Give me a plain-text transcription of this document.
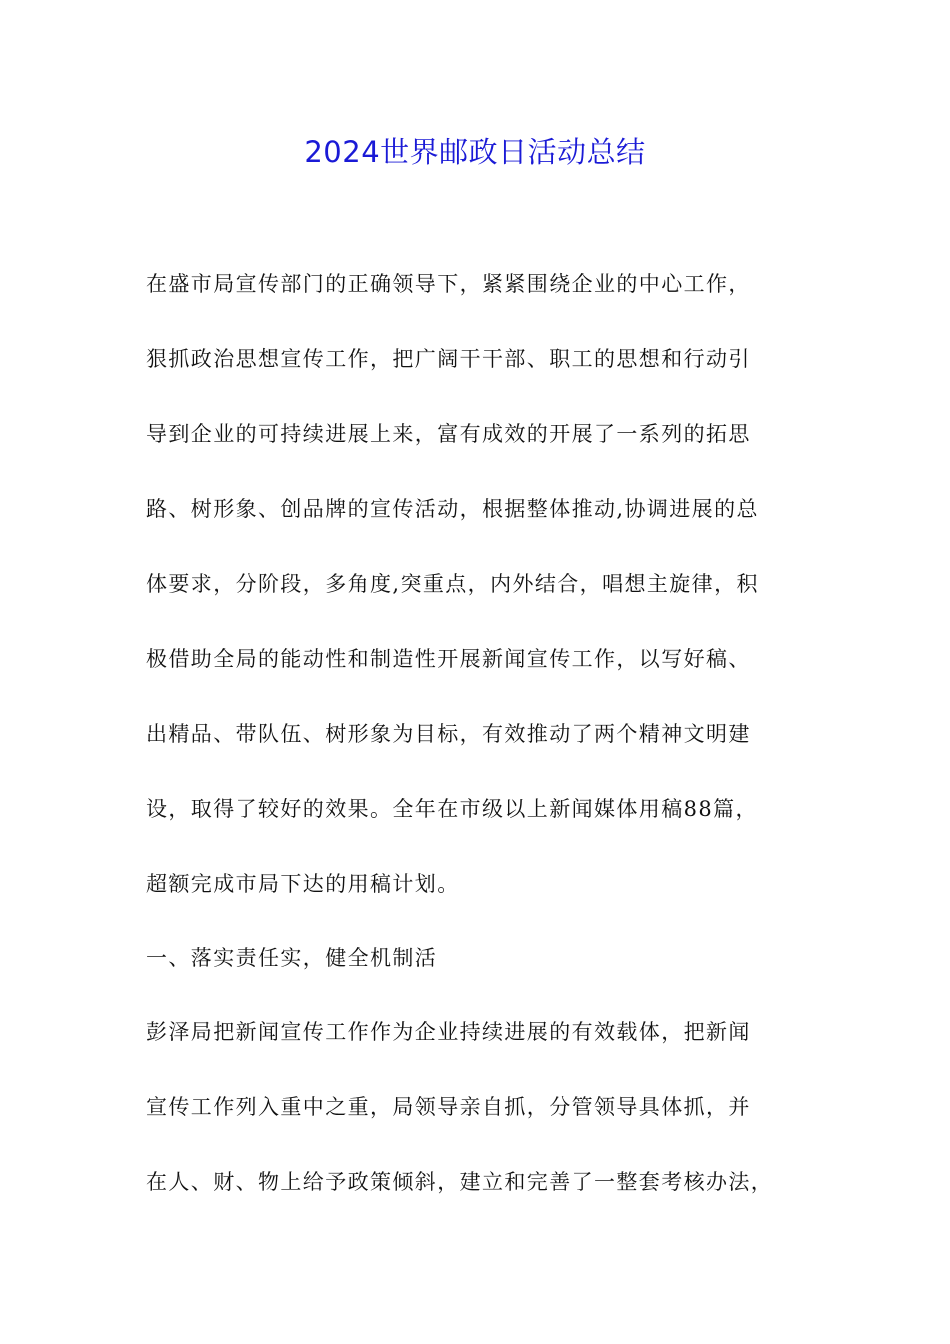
2024世界邮政日活动总结
在盛市局宣传部门的正确领导下，紧紧围绕企业的中心工作，
狠抓政治思想宣传工作，把广阔干干部、职工的思想和行动引
导到企业的可持续进展上来，富有成效的开展了一系列的拓思
路、树形象、创品牌的宣传活动，根据整体推动,协调进展的总
体要求，分阶段，多角度,突重点，内外结合，唱想主旋律，积
极借助全局的能动性和制造性开展新闻宣传工作，以写好稿、
出精品、带队伍、树形象为目标，有效推动了两个精神文明建
设，取得了较好的效果。全年在市级以上新闻媒体用稿88篇，
超额完成市局下达的用稿计划。
一、落实责任实，健全机制活
彭泽局把新闻宣传工作作为企业持续进展的有效载体，把新闻
宣传工作列入重中之重，局领导亲自抓，分管领导具体抓，并
在人、财、物上给予政策倾斜，建立和完善了一整套考核办法，
